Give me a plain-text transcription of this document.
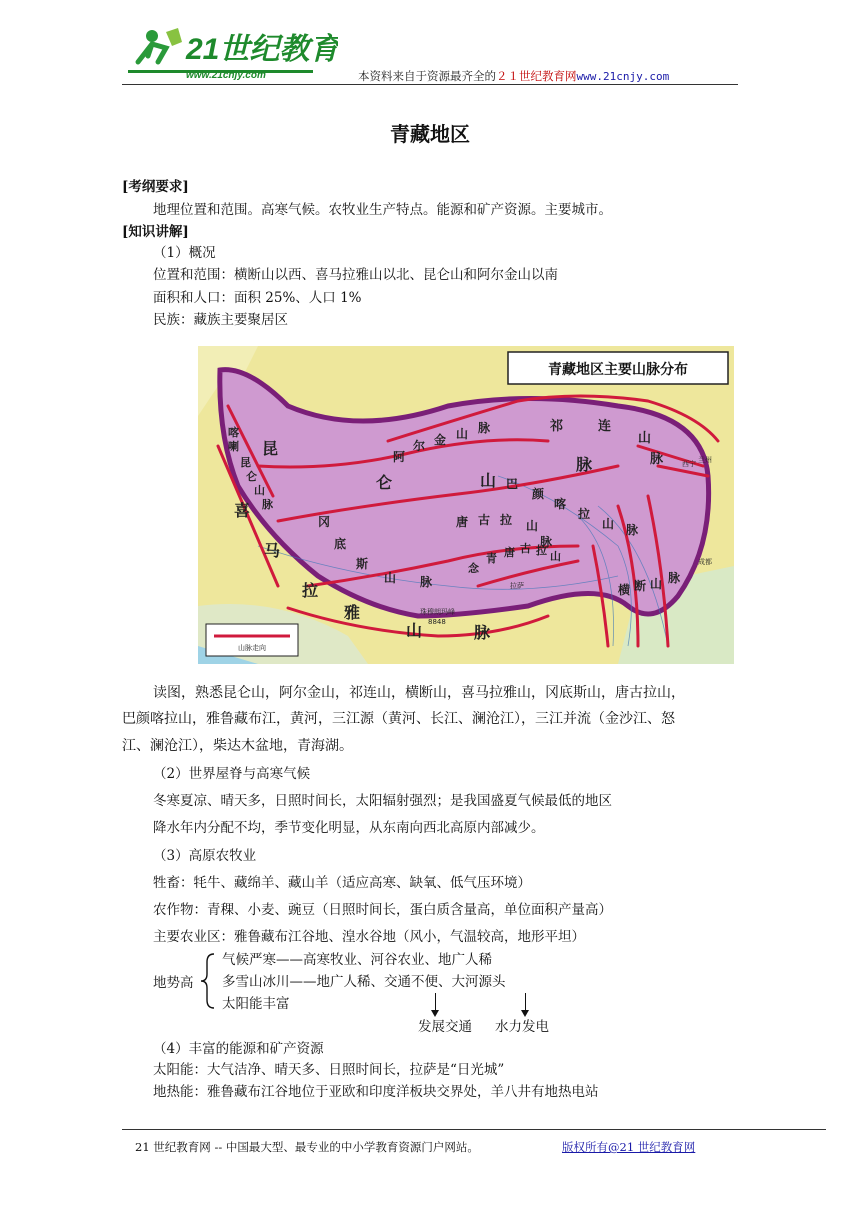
21世纪教育
www.21cnjy.com	本资料来自于资源最齐全的２１世纪教育网www.21cnjy.com
青藏地区
[考纲要求]
地理位置和范围。高寒气候。农牧业生产特点。能源和矿产资源。主要城市。
[知识讲解]
（1）概况
位置和范围：横断山以西、喜马拉雅山以北、昆仑山和阿尔金山以南
面积和人口：面积 25%、人口 1%
民族：藏族主要聚居区
青藏地区主要山脉分布
山脉走向
喀
喇
昆
仑
山
脉
昆
仑	山
脉
阿
尔 金 山 脉	祁	连
山
脉
巴
颜
喀
拉
山 脉
唐 古 拉 山
脉
念
青 唐 古 拉 山
冈
底
斯
山 脉
横 断 山 脉
喜
马
拉
雅
山	脉
西宁 兰州
拉萨
成都
珠穆朗玛峰
8848
读图，熟悉昆仑山，阿尔金山，祁连山，横断山，喜马拉雅山，冈底斯山，唐古拉山，
巴颜喀拉山，雅鲁藏布江，黄河，三江源（黄河、长江、澜沧江），三江并流（金沙江、怒
江、澜沧江），柴达木盆地，青海湖。
（2）世界屋脊与高寒气候
冬寒夏凉、晴天多，日照时间长，太阳辐射强烈；是我国盛夏气候最低的地区
降水年内分配不均，季节变化明显，从东南向西北高原内部减少。
（3）高原农牧业
牲畜：牦牛、藏绵羊、藏山羊（适应高寒、缺氧、低气压环境）
农作物：青稞、小麦、豌豆（日照时间长，蛋白质含量高，单位面积产量高）
主要农业区：雅鲁藏布江谷地、湟水谷地（风小，气温较高，地形平坦）
地势高
气候严寒——高寒牧业、河谷农业、地广人稀
多雪山冰川——地广人稀、交通不便、大河源头
太阳能丰富
发展交通 水力发电
（4）丰富的能源和矿产资源
太阳能：大气洁净、晴天多、日照时间长，拉萨是“日光城”
地热能：雅鲁藏布江谷地位于亚欧和印度洋板块交界处，羊八井有地热电站
21 世纪教育网 -- 中国最大型、最专业的中小学教育资源门户网站。	版权所有@21 世纪教育网
